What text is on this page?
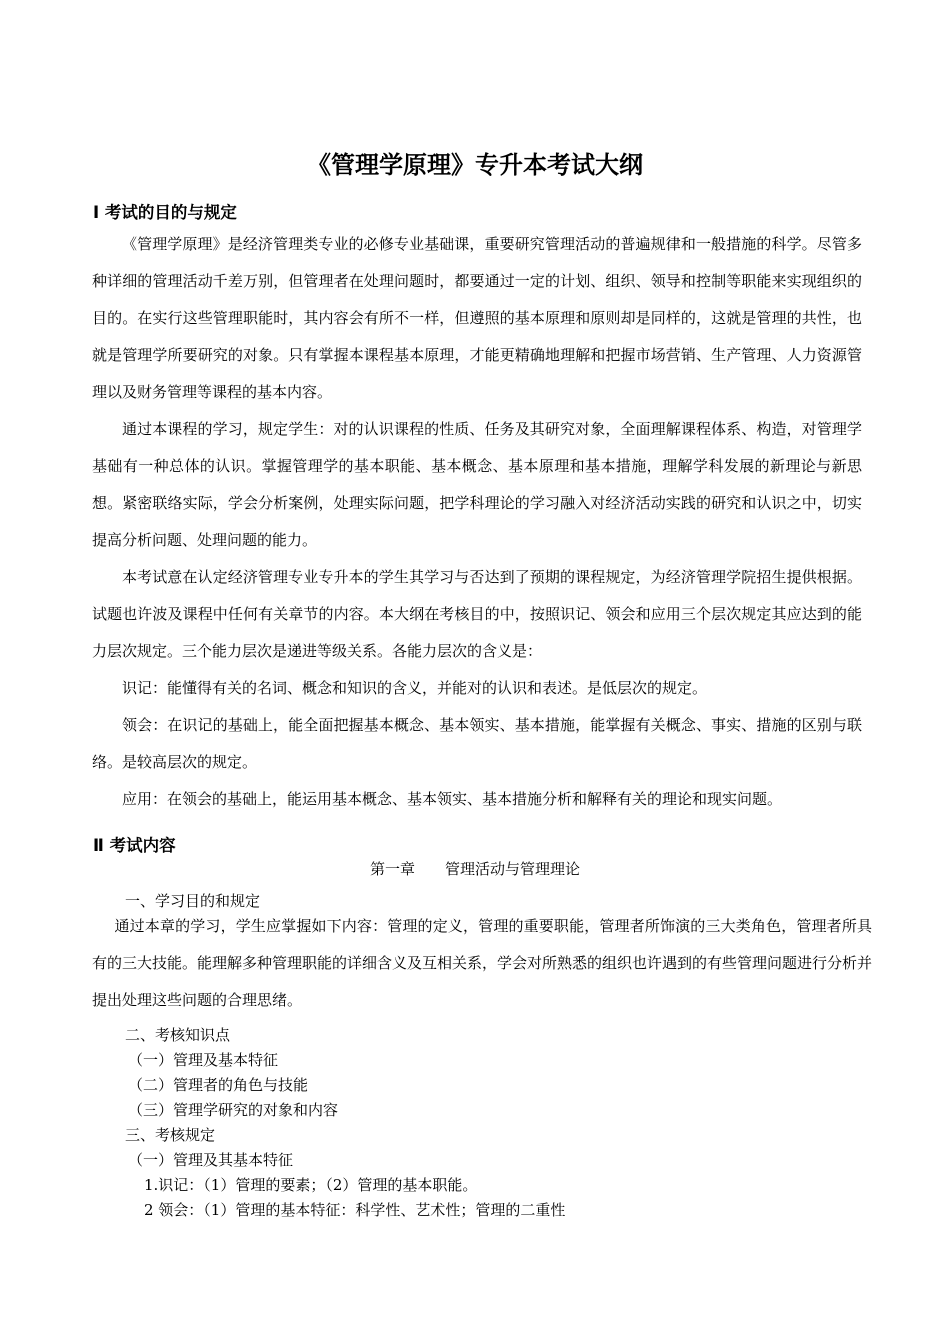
《管理学原理》专升本考试大纲
Ⅰ 考试的目的与规定

《管理学原理》是经济管理类专业的必修专业基础课，重要研究管理活动的普遍规律和一般措施的科学。尽管多种详细的管理活动千差万别，但管理者在处理问题时，都要通过一定的计划、组织、领导和控制等职能来实现组织的目的。在实行这些管理职能时，其内容会有所不一样，但遵照的基本原理和原则却是同样的，这就是管理的共性，也就是管理学所要研究的对象。只有掌握本课程基本原理，才能更精确地理解和把握市场营销、生产管理、人力资源管理以及财务管理等课程的基本内容。

通过本课程的学习，规定学生：对的认识课程的性质、任务及其研究对象，全面理解课程体系、构造，对管理学基础有一种总体的认识。掌握管理学的基本职能、基本概念、基本原理和基本措施，理解学科发展的新理论与新思想。紧密联络实际，学会分析案例，处理实际问题，把学科理论的学习融入对经济活动实践的研究和认识之中，切实提高分析问题、处理问题的能力。

本考试意在认定经济管理专业专升本的学生其学习与否达到了预期的课程规定，为经济管理学院招生提供根据。试题也许波及课程中任何有关章节的内容。本大纲在考核目的中，按照识记、领会和应用三个层次规定其应达到的能力层次规定。三个能力层次是递进等级关系。各能力层次的含义是：

识记：能懂得有关的名词、概念和知识的含义，并能对的认识和表述。是低层次的规定。

领会：在识记的基础上，能全面把握基本概念、基本领实、基本措施，能掌握有关概念、事实、措施的区别与联络。是较高层次的规定。

应用：在领会的基础上，能运用基本概念、基本领实、基本措施分析和解释有关的理论和现实问题。

Ⅱ 考试内容
第一章 管理活动与管理理论
一、学习目的和规定

通过本章的学习，学生应掌握如下内容：管理的定义，管理的重要职能，管理者所饰演的三大类角色，管理者所具有的三大技能。能理解多种管理职能的详细含义及互相关系，学会对所熟悉的组织也许遇到的有些管理问题进行分析并提出处理这些问题的合理思绪。

二、考核知识点
（一）管理及基本特征
（二）管理者的角色与技能
（三）管理学研究的对象和内容
三、考核规定
（一）管理及其基本特征
1.识记：（1）管理的要素；（2）管理的基本职能。
2 领会：（1）管理的基本特征：科学性、艺术性；管理的二重性
